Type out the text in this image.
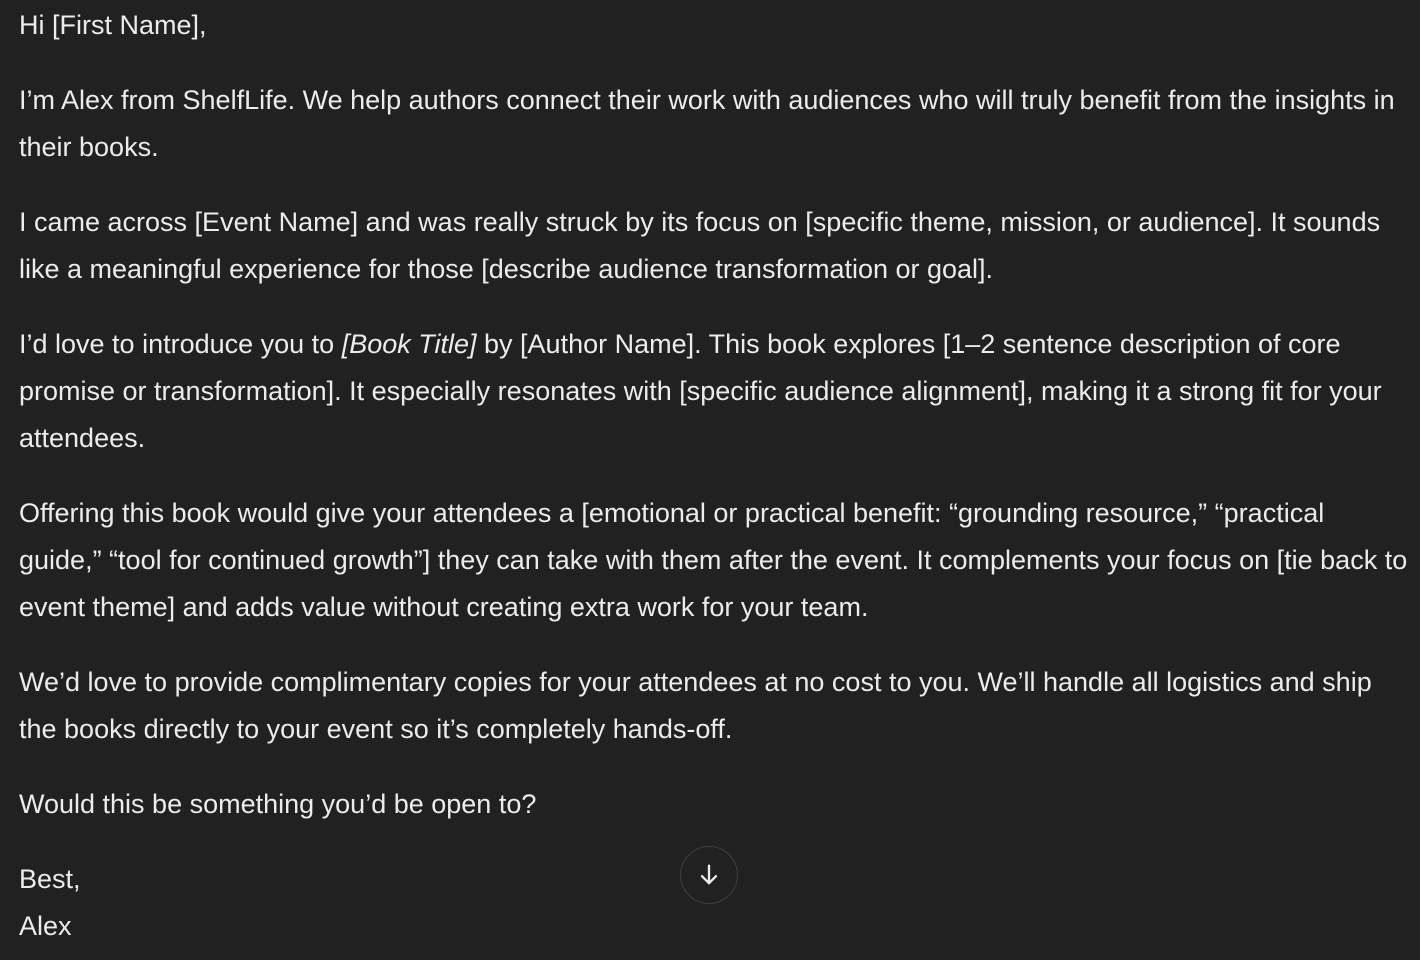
Hi [First Name],

I’m Alex from ShelfLife. We help authors connect their work with audiences who will truly benefit from the insights in their books.

I came across [Event Name] and was really struck by its focus on [specific theme, mission, or audience]. It sounds like a meaningful experience for those [describe audience transformation or goal].

I’d love to introduce you to [Book Title] by [Author Name]. This book explores [1–2 sentence description of core promise or transformation]. It especially resonates with [specific audience alignment], making it a strong fit for your attendees.

Offering this book would give your attendees a [emotional or practical benefit: “grounding resource,” “practical guide,” “tool for continued growth”] they can take with them after the event. It complements your focus on [tie back to event theme] and adds value without creating extra work for your team.

We’d love to provide complimentary copies for your attendees at no cost to you. We’ll handle all logistics and ship the books directly to your event so it’s completely hands-off.

Would this be something you’d be open to?

Best,

Alex
